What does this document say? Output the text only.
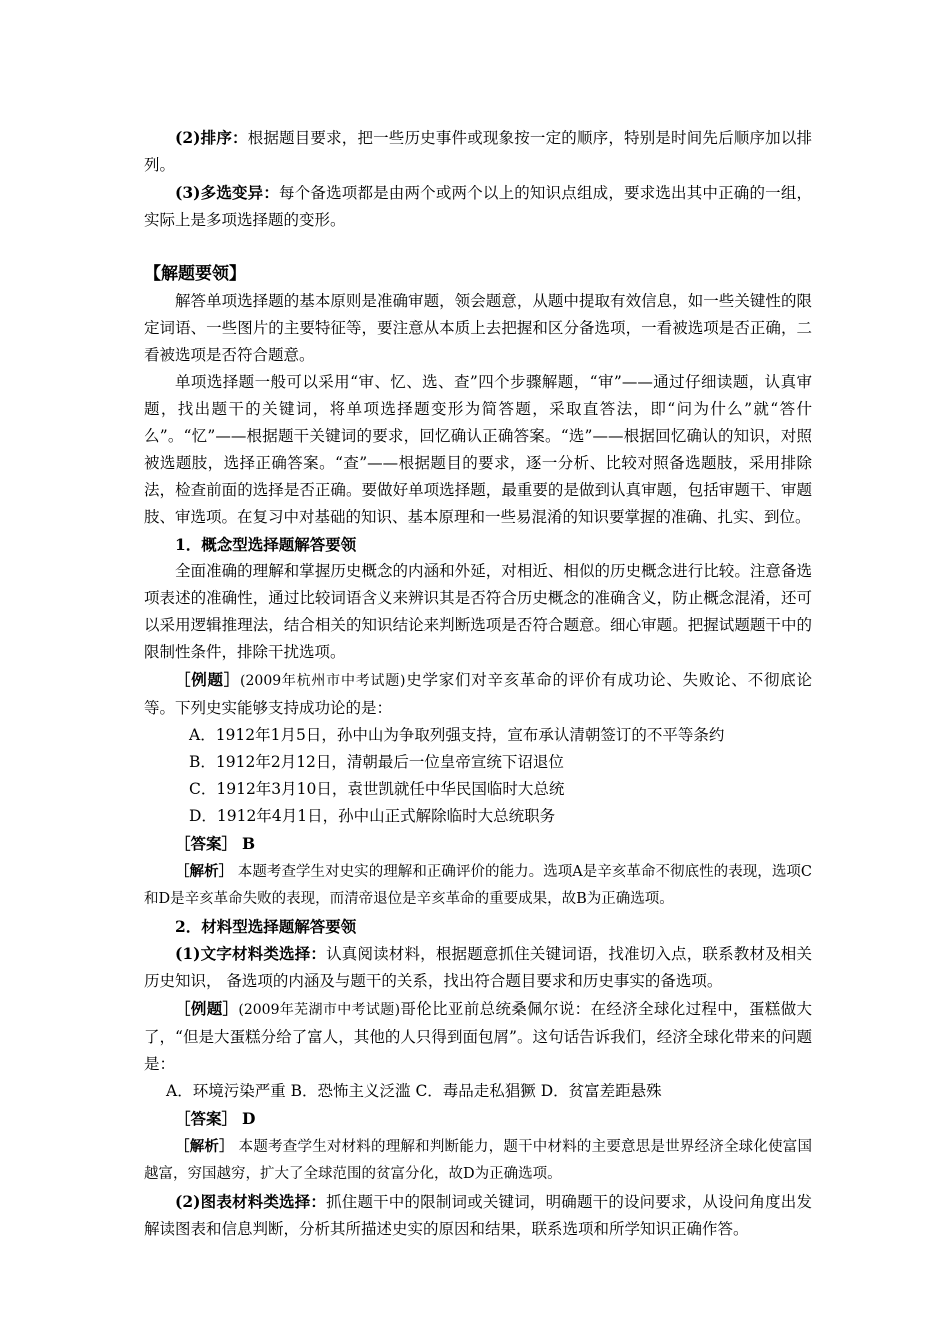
(2)排序：根据题目要求，把一些历史事件或现象按一定的顺序，特别是时间先后顺序加以排列。

(3)多选变异：每个备选项都是由两个或两个以上的知识点组成，要求选出其中正确的一组，实际上是多项选择题的变形。

【解题要领】

解答单项选择题的基本原则是准确审题，领会题意，从题中提取有效信息，如一些关键性的限定词语、一些图片的主要特征等，要注意从本质上去把握和区分备选项，一看被选项是否正确，二看被选项是否符合题意。

单项选择题一般可以采用“审、忆、选、查”四个步骤解题，“审”——通过仔细读题，认真审题，找出题干的关键词，将单项选择题变形为简答题，采取直答法，即“问为什么”就“答什么”。“忆”——根据题干关键词的要求，回忆确认正确答案。“选”——根据回忆确认的知识，对照被选题肢，选择正确答案。“查”——根据题目的要求，逐一分析、比较对照备选题肢，采用排除法，检查前面的选择是否正确。要做好单项选择题，最重要的是做到认真审题，包括审题干、审题肢、审选项。在复习中对基础的知识、基本原理和一些易混淆的知识要掌握的准确、扎实、到位。

1．概念型选择题解答要领

全面准确的理解和掌握历史概念的内涵和外延，对相近、相似的历史概念进行比较。注意备选项表述的准确性，通过比较词语含义来辨识其是否符合历史概念的准确含义，防止概念混淆，还可以采用逻辑推理法，结合相关的知识结论来判断选项是否符合题意。细心审题。把握试题题干中的限制性条件，排除干扰选项。

［例题］(2009年杭州市中考试题)史学家们对辛亥革命的评价有成功论、失败论、不彻底论等。下列史实能够支持成功论的是：

A．1912年1月5日，孙中山为争取列强支持，宣布承认清朝签订的不平等条约

B．1912年2月12日，清朝最后一位皇帝宣统下诏退位

C．1912年3月10日，袁世凯就任中华民国临时大总统

D．1912年4月1日，孙中山正式解除临时大总统职务

［答案］ B

［解析］ 本题考查学生对史实的理解和正确评价的能力。选项A是辛亥革命不彻底性的表现，选项C和D是辛亥革命失败的表现，而清帝退位是辛亥革命的重要成果，故B为正确选项。

2．材料型选择题解答要领

(1)文字材料类选择：认真阅读材料，根据题意抓住关键词语，找准切入点，联系教材及相关历史知识， 备选项的内涵及与题干的关系，找出符合题目要求和历史事实的备选项。

［例题］(2009年芜湖市中考试题)哥伦比亚前总统桑佩尔说：在经济全球化过程中，蛋糕做大了，“但是大蛋糕分给了富人，其他的人只得到面包屑”。这句话告诉我们，经济全球化带来的问题是：

A．环境污染严重 B．恐怖主义泛滥 C．毒品走私猖獗 D．贫富差距悬殊

［答案］ D

［解析］ 本题考查学生对材料的理解和判断能力，题干中材料的主要意思是世界经济全球化使富国越富，穷国越穷，扩大了全球范围的贫富分化，故D为正确选项。

(2)图表材料类选择：抓住题干中的限制词或关键词，明确题干的设问要求，从设问角度出发解读图表和信息判断，分析其所描述史实的原因和结果，联系选项和所学知识正确作答。
